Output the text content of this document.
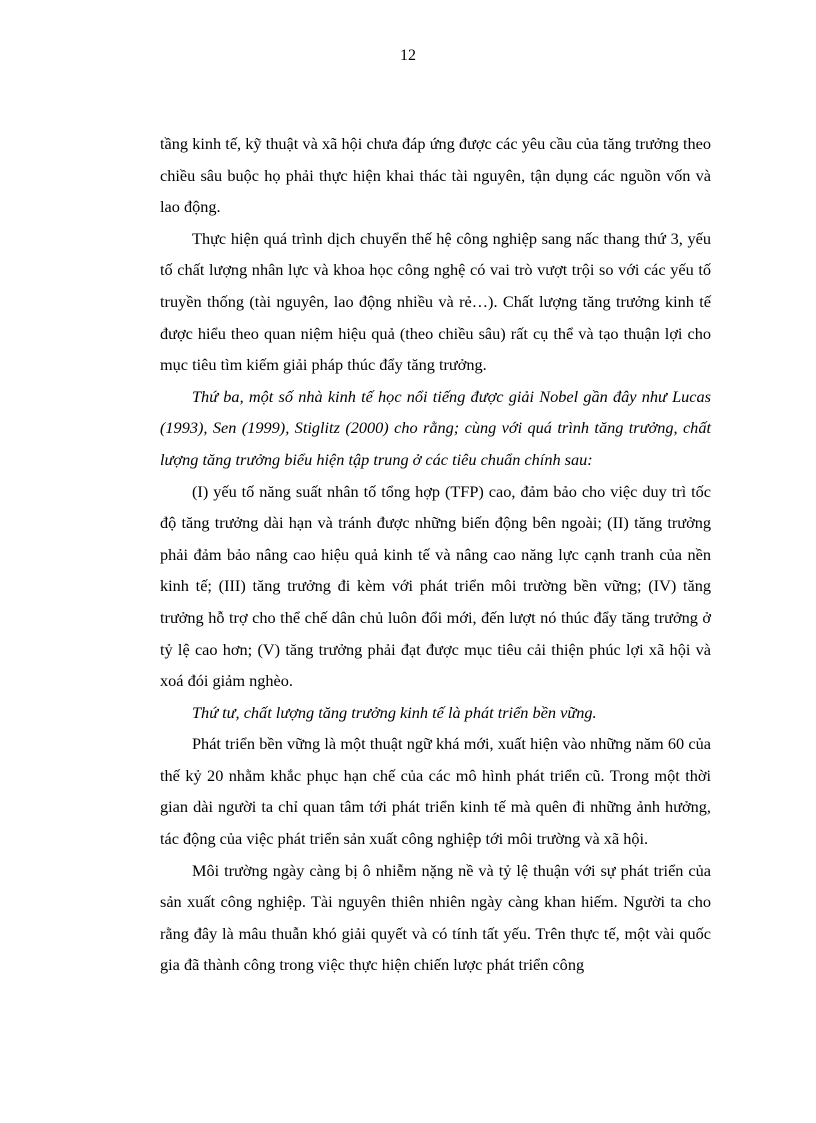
12

tầng kinh tế, kỹ thuật và xã hội chưa đáp ứng được các yêu cầu của tăng trưởng theo chiều sâu buộc họ phải thực hiện khai thác tài nguyên, tận dụng các nguồn vốn và lao động.

Thực hiện quá trình dịch chuyển thế hệ công nghiệp sang nấc thang thứ 3, yếu tố chất lượng nhân lực và khoa học công nghệ có vai trò vượt trội so với các yếu tố truyền thống (tài nguyên, lao động nhiều và rẻ…). Chất lượng tăng trưởng kinh tế được hiểu theo quan niệm hiệu quả (theo chiều sâu) rất cụ thể và tạo thuận lợi cho mục tiêu tìm kiếm giải pháp thúc đẩy tăng trưởng.

Thứ ba, một số nhà kinh tế học nổi tiếng được giải Nobel gần đây như Lucas (1993), Sen (1999), Stiglitz (2000) cho rằng; cùng với quá trình tăng trưởng, chất lượng tăng trưởng biểu hiện tập trung ở các tiêu chuẩn chính sau:

(I) yếu tố năng suất nhân tố tổng hợp (TFP) cao, đảm bảo cho việc duy trì tốc độ tăng trưởng dài hạn và tránh được những biến động bên ngoài; (II) tăng trưởng phải đảm bảo nâng cao hiệu quả kinh tế và nâng cao năng lực cạnh tranh của nền kinh tế; (III) tăng trưởng đi kèm với phát triển môi trường bền vững; (IV) tăng trưởng hỗ trợ cho thể chế dân chủ luôn đổi mới, đến lượt nó thúc đẩy tăng trưởng ở tỷ lệ cao hơn; (V) tăng trưởng phải đạt được mục tiêu cải thiện phúc lợi xã hội và xoá đói giảm nghèo.

Thứ tư, chất lượng tăng trưởng kinh tế là phát triển bền vững.

Phát triển bền vững là một thuật ngữ khá mới, xuất hiện vào những năm 60 của thế kỷ 20 nhằm khắc phục hạn chế của các mô hình phát triển cũ. Trong một thời gian dài người ta chỉ quan tâm tới phát triển kinh tế mà quên đi những ảnh hưởng, tác động của việc phát triển sản xuất công nghiệp tới môi trường và xã hội.

Môi trường ngày càng bị ô nhiễm nặng nề và tỷ lệ thuận với sự phát triển của sản xuất công nghiệp. Tài nguyên thiên nhiên ngày càng khan hiếm. Người ta cho rằng đây là mâu thuẫn khó giải quyết và có tính tất yếu. Trên thực tế, một vài quốc gia đã thành công trong việc thực hiện chiến lược phát triển công
